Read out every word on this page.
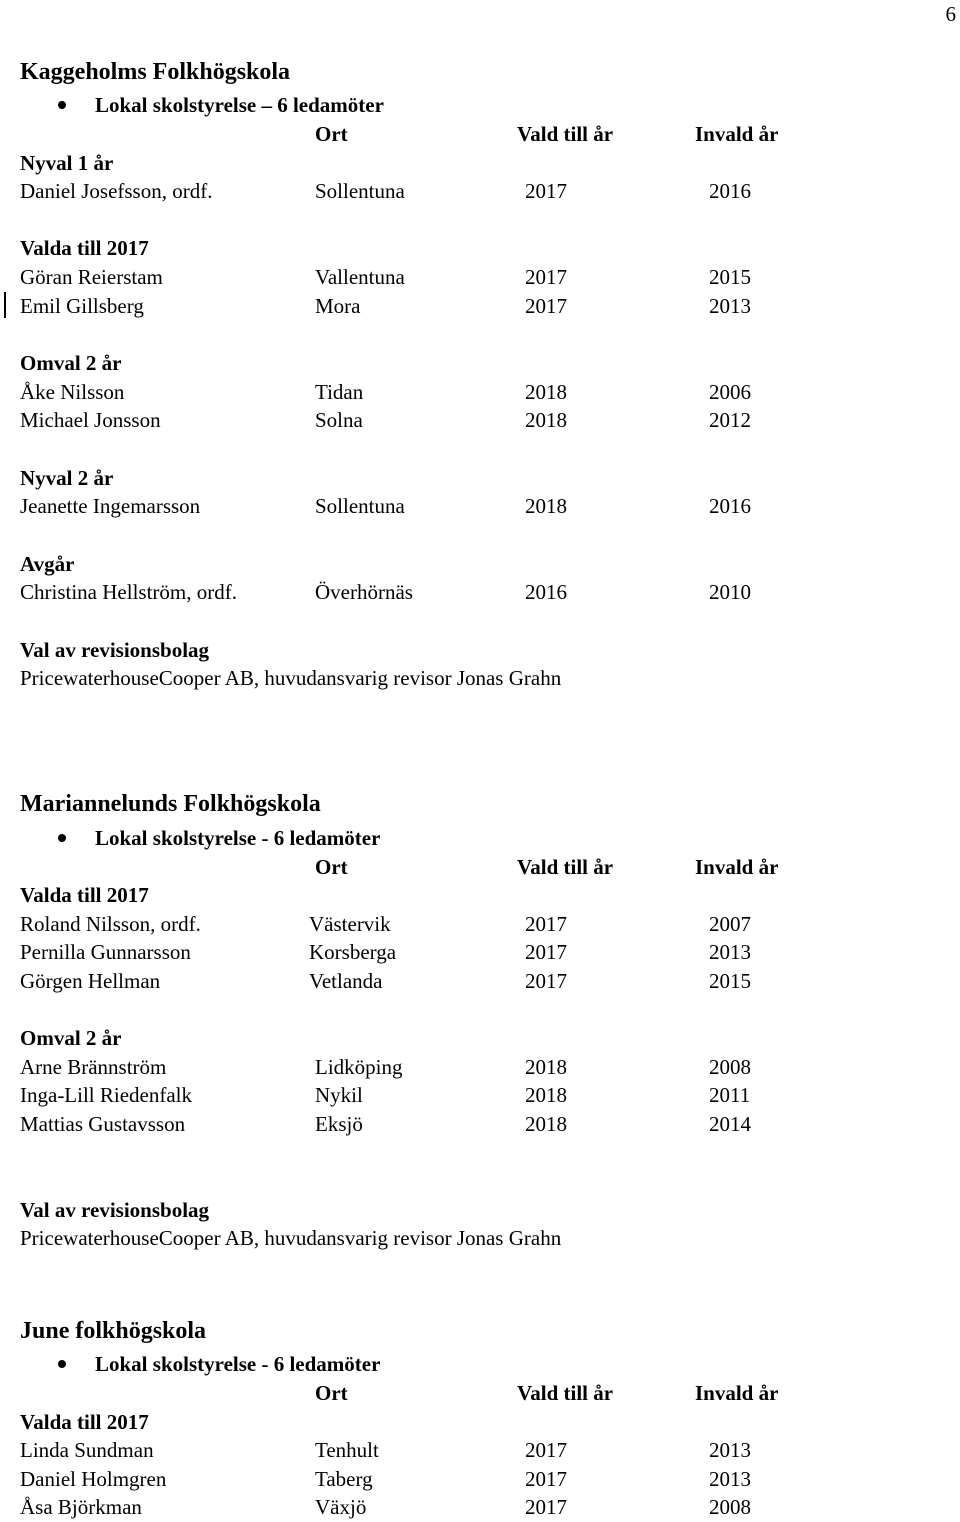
6
Kaggeholms Folkhögskola
Lokal skolstyrelse – 6 ledamöter
Ort	Vald till år	Invald år
Nyval 1 år
Daniel Josefsson, ordf.	Sollentuna	2017	2016
Valda till 2017
Göran Reierstam	Vallentuna	2017	2015
Emil Gillsberg	Mora	2017	2013
Omval 2 år
Åke Nilsson	Tidan	2018	2006
Michael Jonsson	Solna	2018	2012
Nyval 2 år
Jeanette Ingemarsson	Sollentuna	2018	2016
Avgår
Christina Hellström, ordf.	Överhörnäs	2016	2010
Val av revisionsbolag
PricewaterhouseCooper AB, huvudansvarig revisor Jonas Grahn
Mariannelunds Folkhögskola
Lokal skolstyrelse - 6 ledamöter
Ort	Vald till år	Invald år
Valda till 2017
Roland Nilsson, ordf.	Västervik	2017	2007
Pernilla Gunnarsson	Korsberga	2017	2013
Görgen Hellman	Vetlanda	2017	2015
Omval 2 år
Arne Brännström	Lidköping	2018	2008
Inga-Lill Riedenfalk	Nykil	2018	2011
Mattias Gustavsson	Eksjö	2018	2014
Val av revisionsbolag
PricewaterhouseCooper AB, huvudansvarig revisor Jonas Grahn
June folkhögskola
Lokal skolstyrelse - 6 ledamöter
Ort	Vald till år	Invald år
Valda till 2017
Linda Sundman	Tenhult	2017	2013
Daniel Holmgren	Taberg	2017	2013
Åsa Björkman	Växjö	2017	2008
